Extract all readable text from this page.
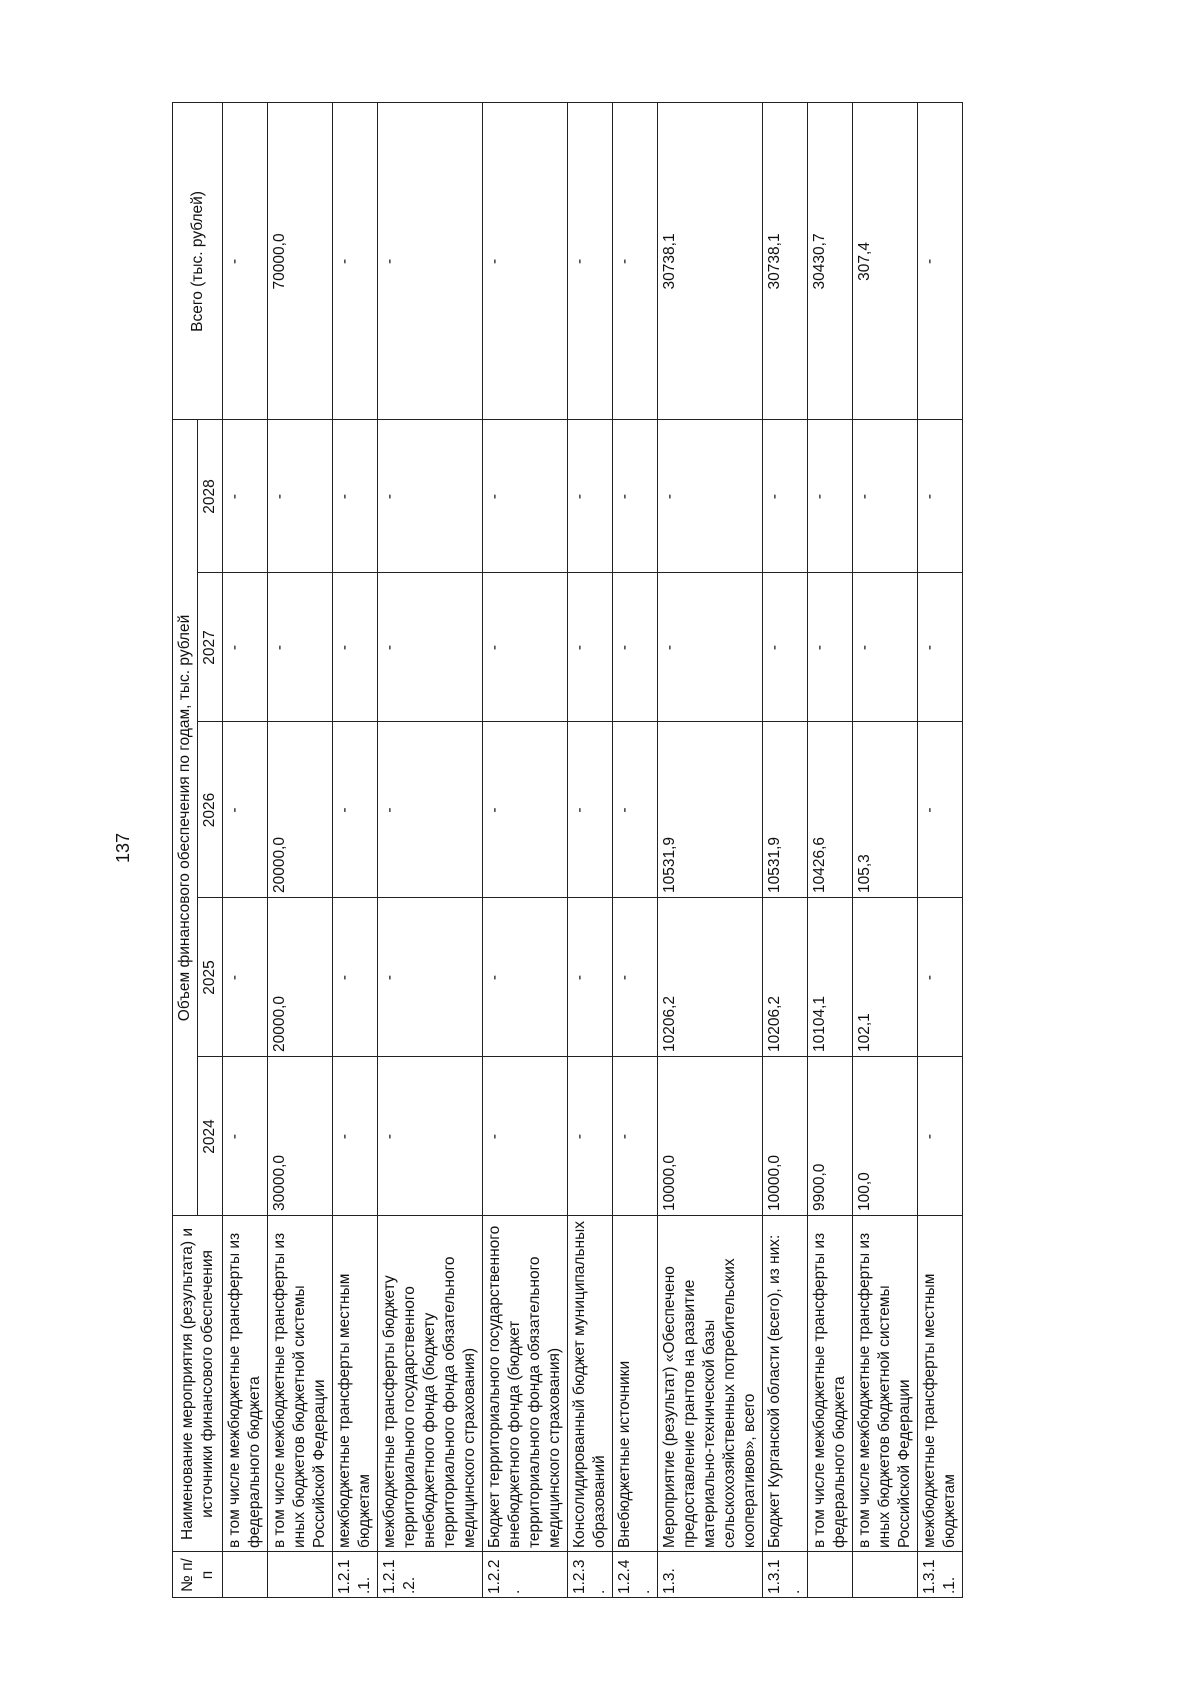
137
№ п/п	Наименование мероприятия (результата) и источники финансового обеспечения	Объем финансового обеспечения по годам, тыс. рублей					Всего (тыс. рублей)
		2024	2025	2026	2027	2028	
	в том числе межбюджетные трансферты из федерального бюджета	-	-	-	-	-	-
	в том числе межбюджетные трансферты из иных бюджетов бюджетной системы Российской Федерации	30000,0	20000,0	20000,0	-	-	70000,0
1.2.1.1.	межбюджетные трансферты местным бюджетам	-	-	-	-	-	-
1.2.1.2.	межбюджетные трансферты бюджету территориального государственного внебюджетного фонда (бюджету территориального фонда обязательного медицинского страхования)	-	-	-	-	-	-
1.2.2.	Бюджет территориального государственного внебюджетного фонда (бюджет территориального фонда обязательного медицинского страхования)	-	-	-	-	-	-
1.2.3.	Консолидированный бюджет муниципальных образований	-	-	-	-	-	-
1.2.4.	Внебюджетные источники	-	-	-	-	-	-
1.3.	Мероприятие (результат) «Обеспечено предоставление грантов на развитие материально-технической базы сельскохозяйственных потребительских кооперативов», всего	10000,0	10206,2	10531,9	-	-	30738,1
1.3.1.	Бюджет Курганской области (всего), из них:	10000,0	10206,2	10531,9	-	-	30738,1
	в том числе межбюджетные трансферты из федерального бюджета	9900,0	10104,1	10426,6	-	-	30430,7
	в том числе межбюджетные трансферты из иных бюджетов бюджетной системы Российской Федерации	100,0	102,1	105,3	-	-	307,4
1.3.1.1.	межбюджетные трансферты местным бюджетам	-	-	-	-	-	-
